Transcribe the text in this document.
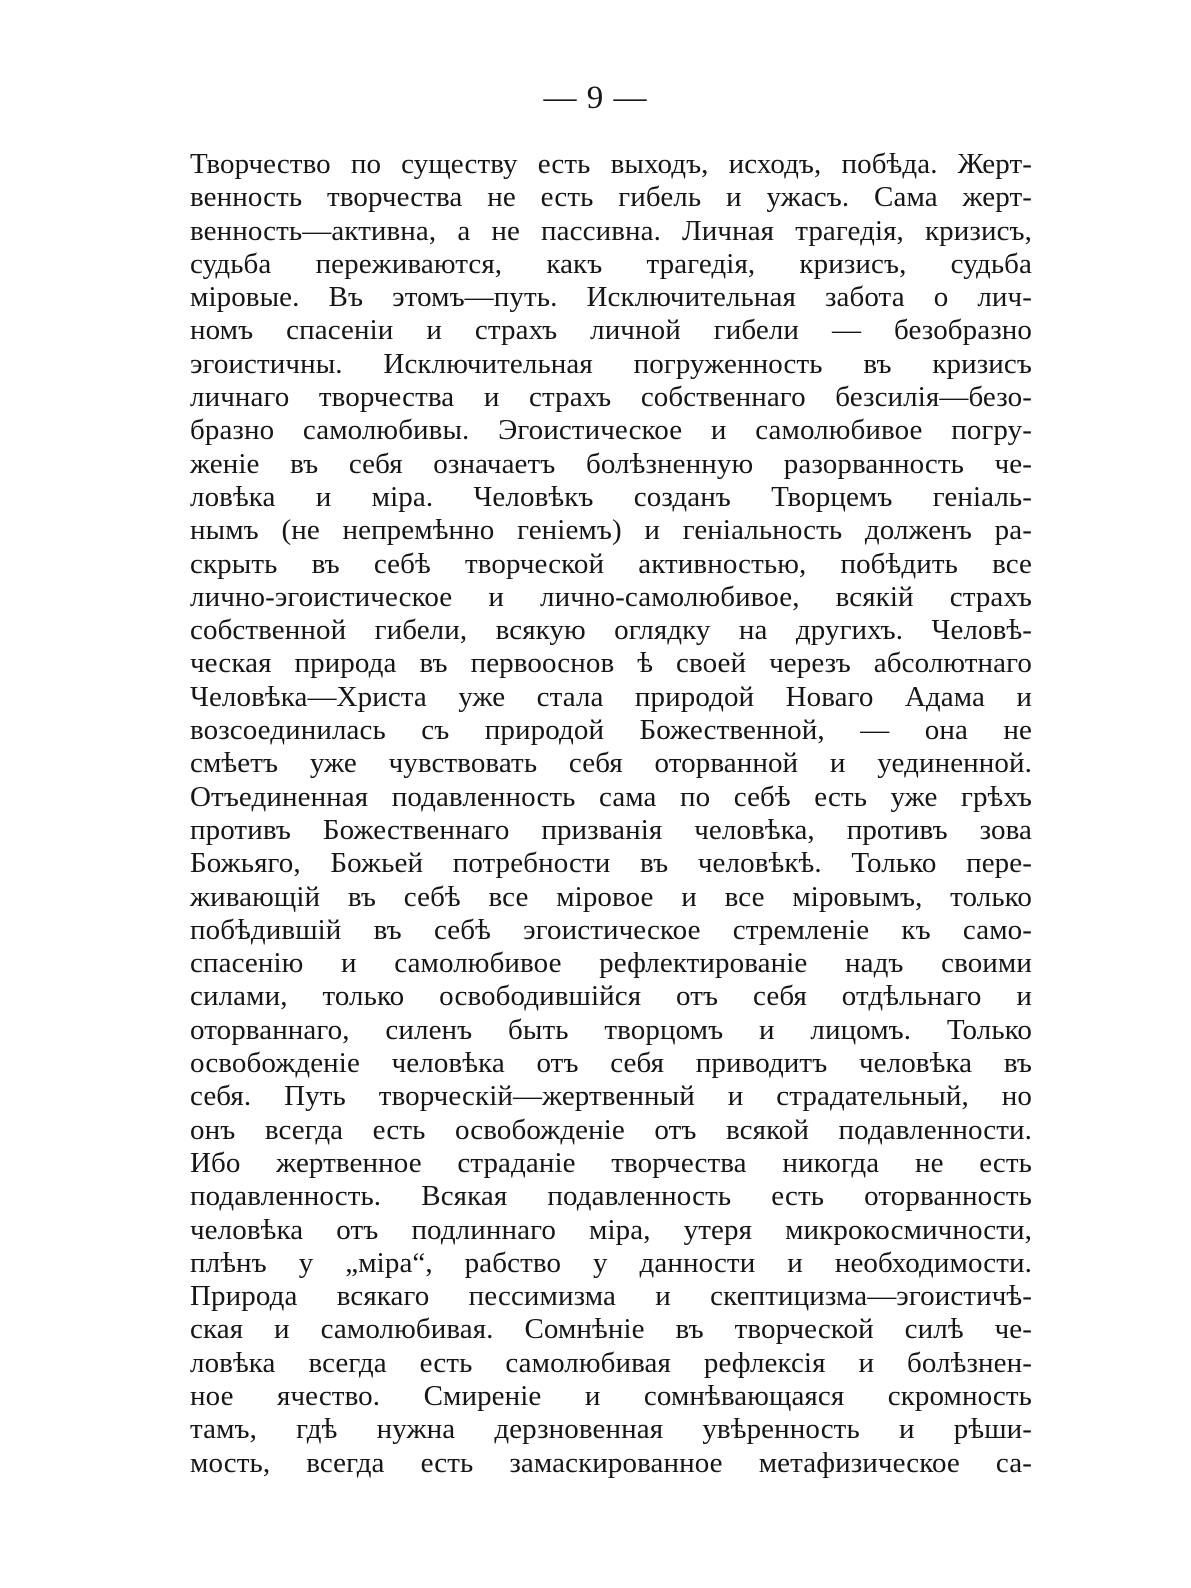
— 9 —
Творчество по существу есть выходъ, исходъ, побѣда. Жерт-
венность творчества не есть гибель и ужасъ. Сама жерт-
венность—активна, а не пассивна. Личная трагедія, кризисъ,
судьба переживаются, какъ трагедія, кризисъ, судьба
міровые. Въ этомъ—путь. Исключительная забота о лич-
номъ спасеніи и страхъ личной гибели — безобразно
эгоистичны. Исключительная погруженность въ кризисъ
личнаго творчества и страхъ собственнаго безсилія—безо-
бразно самолюбивы. Эгоистическое и самолюбивое погру-
женіе въ себя означаетъ болѣзненную разорванность че-
ловѣка и міра. Человѣкъ созданъ Творцемъ геніаль-
нымъ (не непремѣнно геніемъ) и геніальность долженъ ра-
скрыть въ себѣ творческой активностью, побѣдить все
лично-эгоистическое и лично-самолюбивое, всякій страхъ
собственной гибели, всякую оглядку на другихъ. Человѣ-
ческая природа въ первооснов ѣ своей черезъ абсолютнаго
Человѣка—Христа уже стала природой Новаго Адама и
возсоединилась съ природой Божественной, — она не
смѣетъ уже чувствовать себя оторванной и уединенной.
Отъединенная подавленность сама по себѣ есть уже грѣхъ
противъ Божественнаго призванія человѣка, противъ зова
Божьяго, Божьей потребности въ человѣкѣ. Только пере-
живающій въ себѣ все міровое и все міровымъ, только
побѣдившій въ себѣ эгоистическое стремленіе къ само-
спасенію и самолюбивое рефлектированіе надъ своими
силами, только освободившійся отъ себя отдѣльнаго и
оторваннаго, силенъ быть творцомъ и лицомъ. Только
освобожденіе человѣка отъ себя приводитъ человѣка въ
себя. Путь творческій—жертвенный и страдательный, но
онъ всегда есть освобожденіе отъ всякой подавленности.
Ибо жертвенное страданіе творчества никогда не есть
подавленность. Всякая подавленность есть оторванность
человѣка отъ подлиннаго міра, утеря микрокосмичности,
плѣнъ у „міра“, рабство у данности и необходимости.
Природа всякаго пессимизма и скептицизма—эгоистичѣ-
ская и самолюбивая. Сомнѣніе въ творческой силѣ че-
ловѣка всегда есть самолюбивая рефлексія и болѣзнен-
ное ячество. Смиреніе и сомнѣвающаяся скромность
тамъ, гдѣ нужна дерзновенная увѣренность и рѣши-
мость, всегда есть замаскированное метафизическое са-
